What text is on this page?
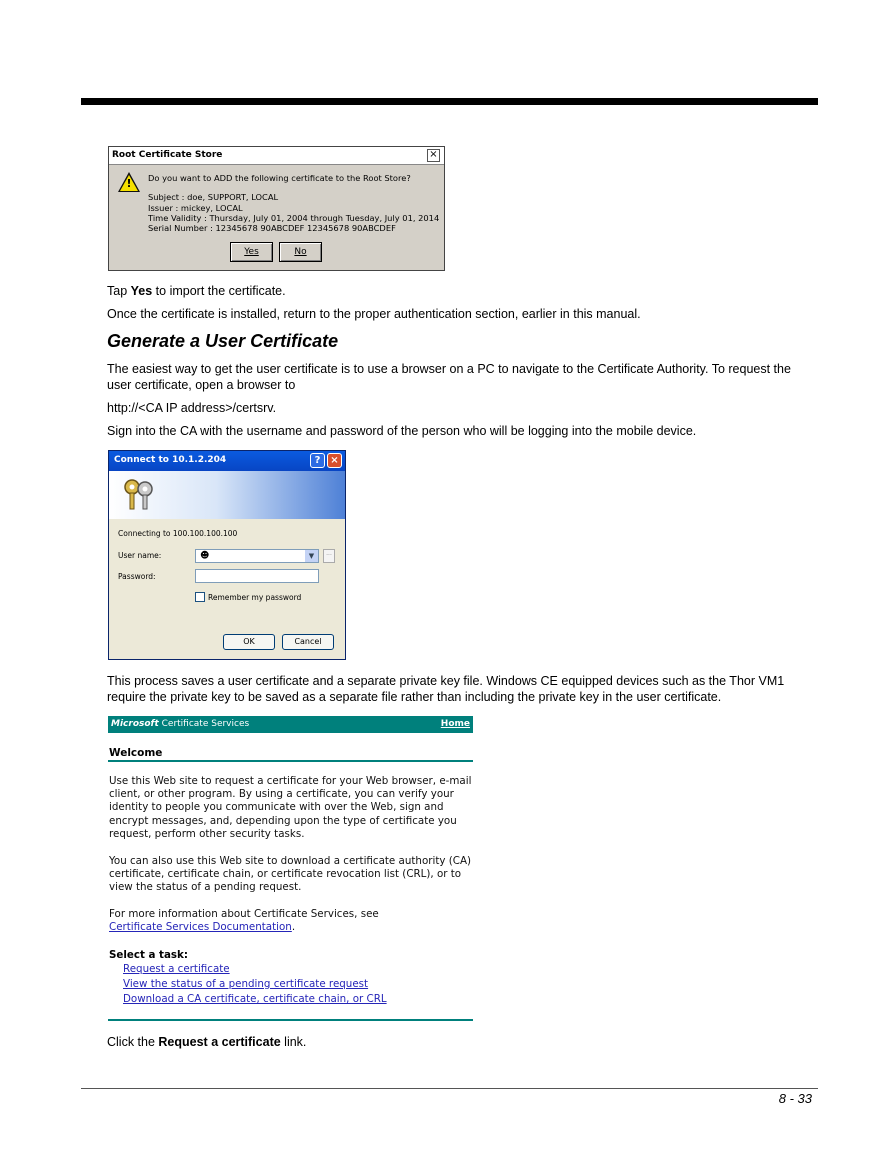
Root Certificate Store	×
! Do you want to ADD the following certificate to the Root Store?
Subject : doe, SUPPORT, LOCAL
Issuer : mickey, LOCAL
Time Validity : Thursday, July 01, 2004 through Tuesday, July 01, 2014
Serial Number : 12345678 90ABCDEF 12345678 90ABCDEF
Yes	No

Tap Yes to import the certificate.

Once the certificate is installed, return to the proper authentication section, earlier in this manual.

Generate a User Certificate

The easiest way to get the user certificate is to use a browser on a PC to navigate to the Certificate Authority. To request the user certificate, open a browser to

http://<CA IP address>/certsrv.

Sign into the CA with the username and password of the person who will be logging into the mobile device.

Connect to 10.1.2.204	? ×
Connecting to 100.100.100.100
User name:	☻	▼	...
Password:
Remember my password
OK	Cancel

This process saves a user certificate and a separate private key file. Windows CE equipped devices such as the Thor VM1 require the private key to be saved as a separate file rather than including the private key in the user certificate.

Microsoft Certificate Services	Home
Welcome

Use this Web site to request a certificate for your Web browser, e-mail client, or other program. By using a certificate, you can verify your identity to people you communicate with over the Web, sign and encrypt messages, and, depending upon the type of certificate you request, perform other security tasks.

You can also use this Web site to download a certificate authority (CA) certificate, certificate chain, or certificate revocation list (CRL), or to view the status of a pending request.

For more information about Certificate Services, see
Certificate Services Documentation.

Select a task:
Request a certificate
View the status of a pending certificate request
Download a CA certificate, certificate chain, or CRL

Click the Request a certificate link.

8 - 33
